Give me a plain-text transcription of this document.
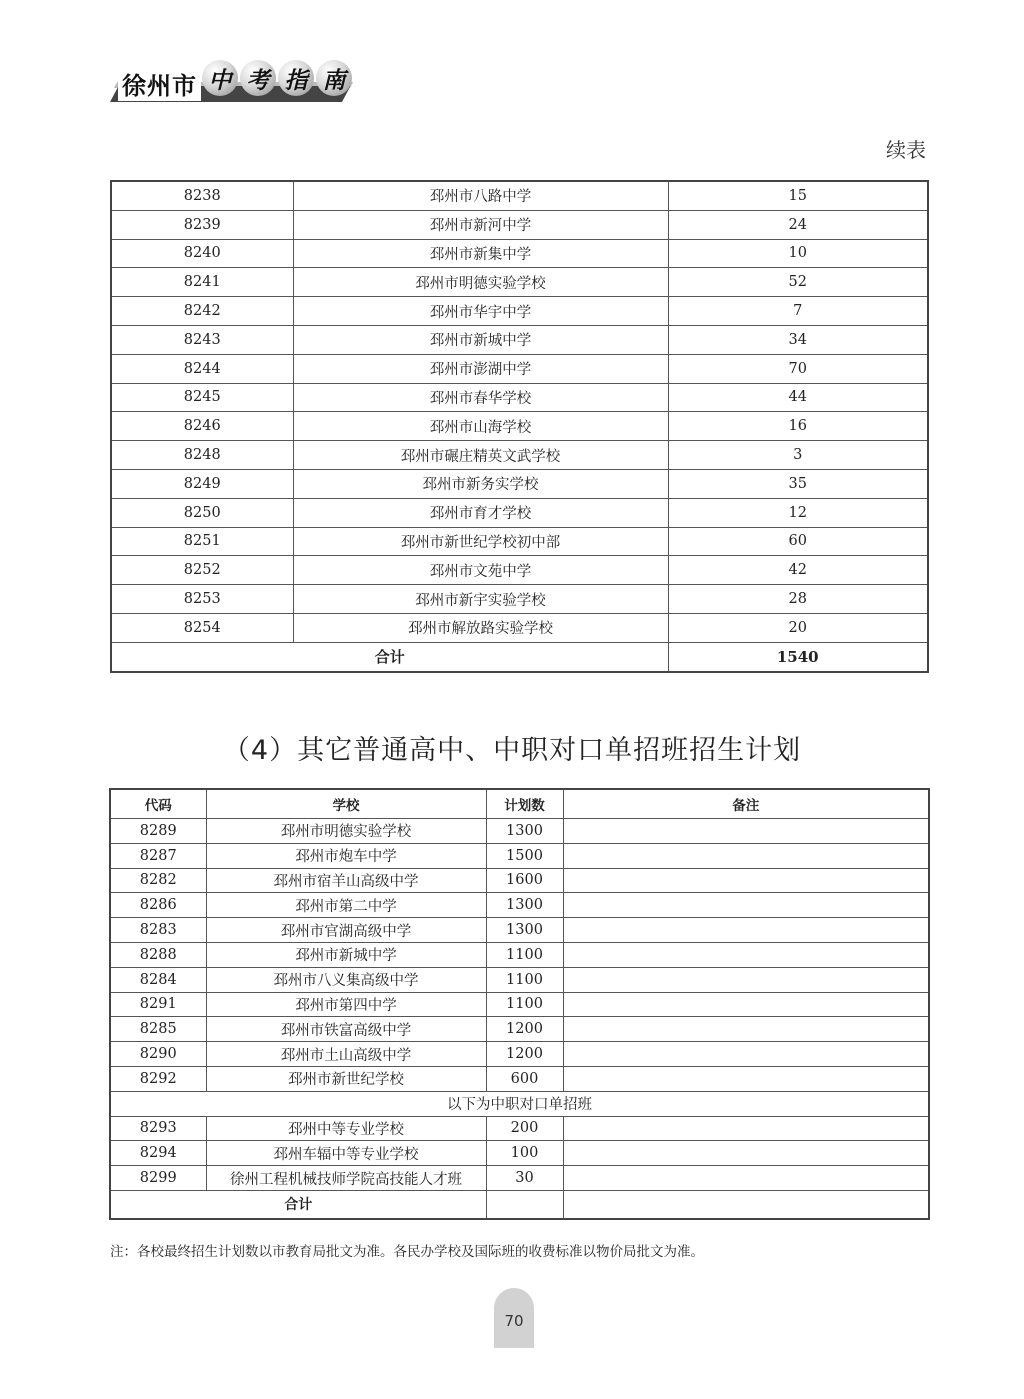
徐州市 中 考 指 南
续表
8238	邳州市八路中学	15
8239	邳州市新河中学	24
8240	邳州市新集中学	10
8241	邳州市明德实验学校	52
8242	邳州市华宇中学	7
8243	邳州市新城中学	34
8244	邳州市澎湖中学	70
8245	邳州市春华学校	44
8246	邳州市山海学校	16
8248	邳州市碾庄精英文武学校	3
8249	邳州市新务实学校	35
8250	邳州市育才学校	12
8251	邳州市新世纪学校初中部	60
8252	邳州市文苑中学	42
8253	邳州市新宇实验学校	28
8254	邳州市解放路实验学校	20
合计		1540
（4）其它普通高中、中职对口单招班招生计划
代码	学校	计划数	备注
8289	邳州市明德实验学校	1300	
8287	邳州市炮车中学	1500	
8282	邳州市宿羊山高级中学	1600	
8286	邳州市第二中学	1300	
8283	邳州市官湖高级中学	1300	
8288	邳州市新城中学	1100	
8284	邳州市八义集高级中学	1100	
8291	邳州市第四中学	1100	
8285	邳州市铁富高级中学	1200	
8290	邳州市土山高级中学	1200	
8292	邳州市新世纪学校	600	
以下为中职对口单招班			
8293	邳州中等专业学校	200	
8294	邳州车辐中等专业学校	100	
8299	徐州工程机械技师学院高技能人才班	30	
合计			
注：各校最终招生计划数以市教育局批文为准。各民办学校及国际班的收费标准以物价局批文为准。
70
